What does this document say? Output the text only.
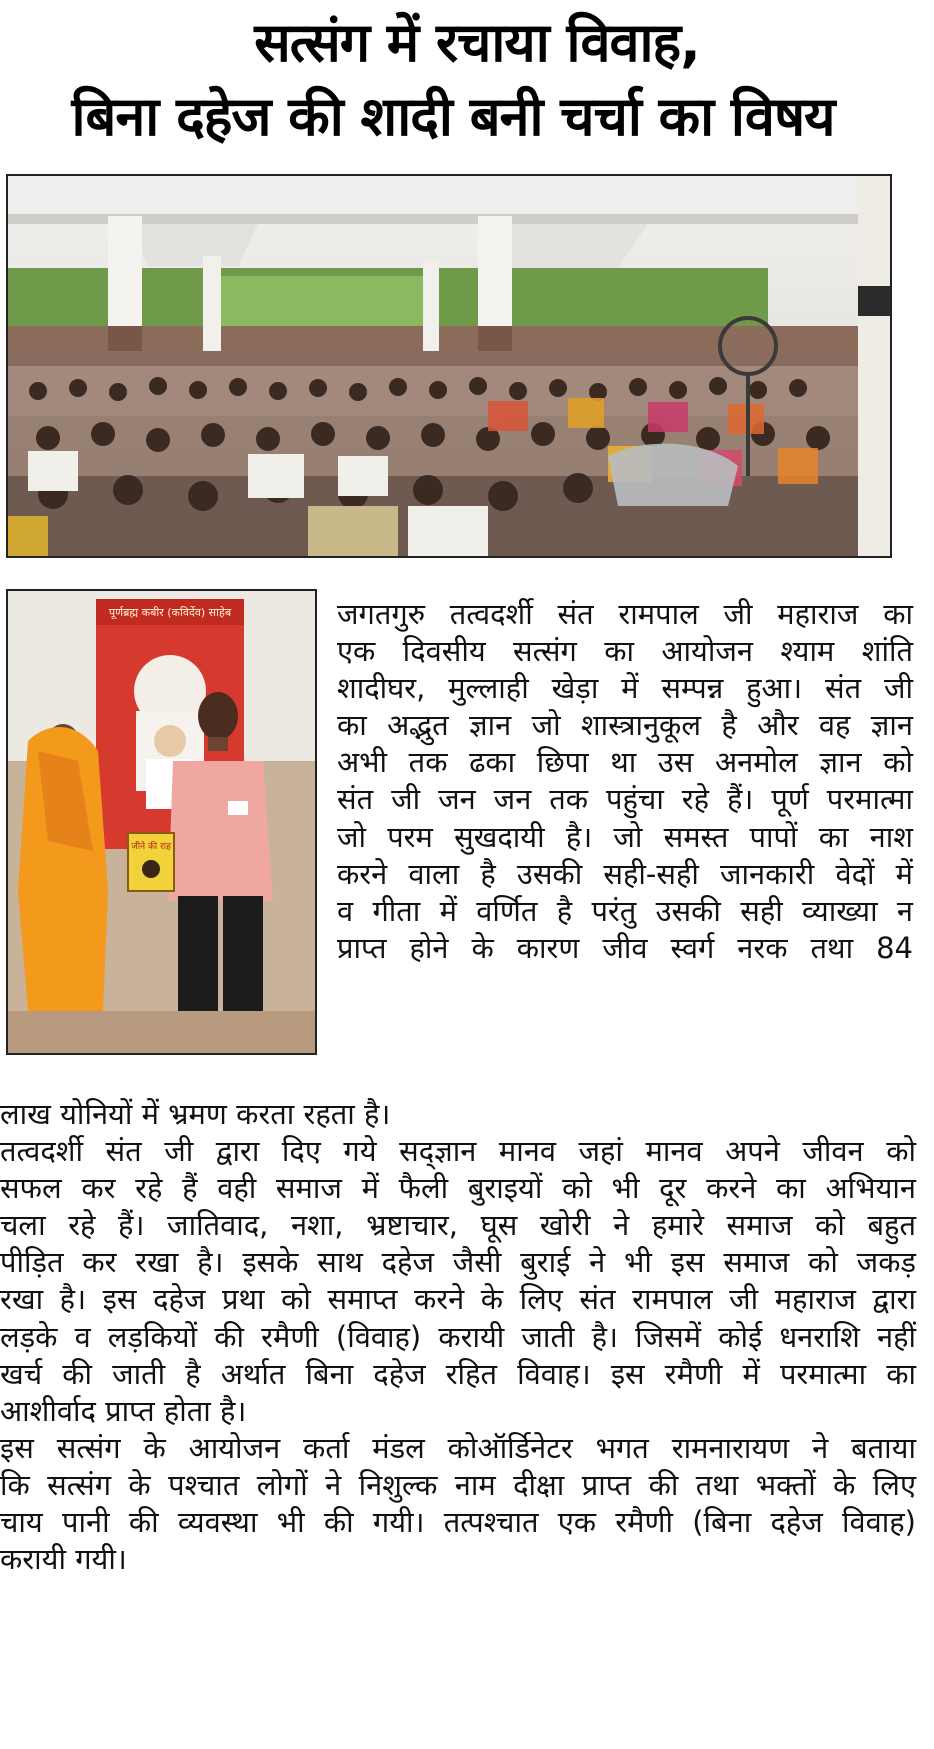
सत्संग में रचाया विवाह,
बिना दहेज की शादी बनी चर्चा का विषय
पूर्णब्रह्म कबीर (कविर्देव) साहेब
जीने की राह
जगतगुरु तत्वदर्शी संत रामपाल जी महाराज का
एक दिवसीय सत्संग का आयोजन श्याम शांति
शादीघर, मुल्लाही खेड़ा में सम्पन्न हुआ। संत जी
का अद्भुत ज्ञान जो शास्त्रानुकूल है और वह ज्ञान
अभी तक ढका छिपा था उस अनमोल ज्ञान को
संत जी जन जन तक पहुंचा रहे हैं। पूर्ण परमात्मा
जो परम सुखदायी है। जो समस्त पापों का नाश
करने वाला है उसकी सही-सही जानकारी वेदों में
व गीता में वर्णित है परंतु उसकी सही व्याख्या न
प्राप्त होने के कारण जीव स्वर्ग नरक तथा 84
लाख योनियों में भ्रमण करता रहता है।
तत्वदर्शी संत जी द्वारा दिए गये सद्ज्ञान मानव जहां मानव अपने जीवन को
सफल कर रहे हैं वही समाज में फैली बुराइयों को भी दूर करने का अभियान
चला रहे हैं। जातिवाद, नशा, भ्रष्टाचार, घूस खोरी ने हमारे समाज को बहुत
पीड़ित कर रखा है। इसके साथ दहेज जैसी बुराई ने भी इस समाज को जकड़
रखा है। इस दहेज प्रथा को समाप्त करने के लिए संत रामपाल जी महाराज द्वारा
लड़के व लड़कियों की रमैणी (विवाह) करायी जाती है। जिसमें कोई धनराशि नहीं
खर्च की जाती है अर्थात बिना दहेज रहित विवाह। इस रमैणी में परमात्मा का
आशीर्वाद प्राप्त होता है।
इस सत्संग के आयोजन कर्ता मंडल कोऑर्डिनेटर भगत रामनारायण ने बताया
कि सत्संग के पश्चात लोगों ने निशुल्क नाम दीक्षा प्राप्त की तथा भक्तों के लिए
चाय पानी की व्यवस्था भी की गयी। तत्पश्चात एक रमैणी (बिना दहेज विवाह)
करायी गयी।
